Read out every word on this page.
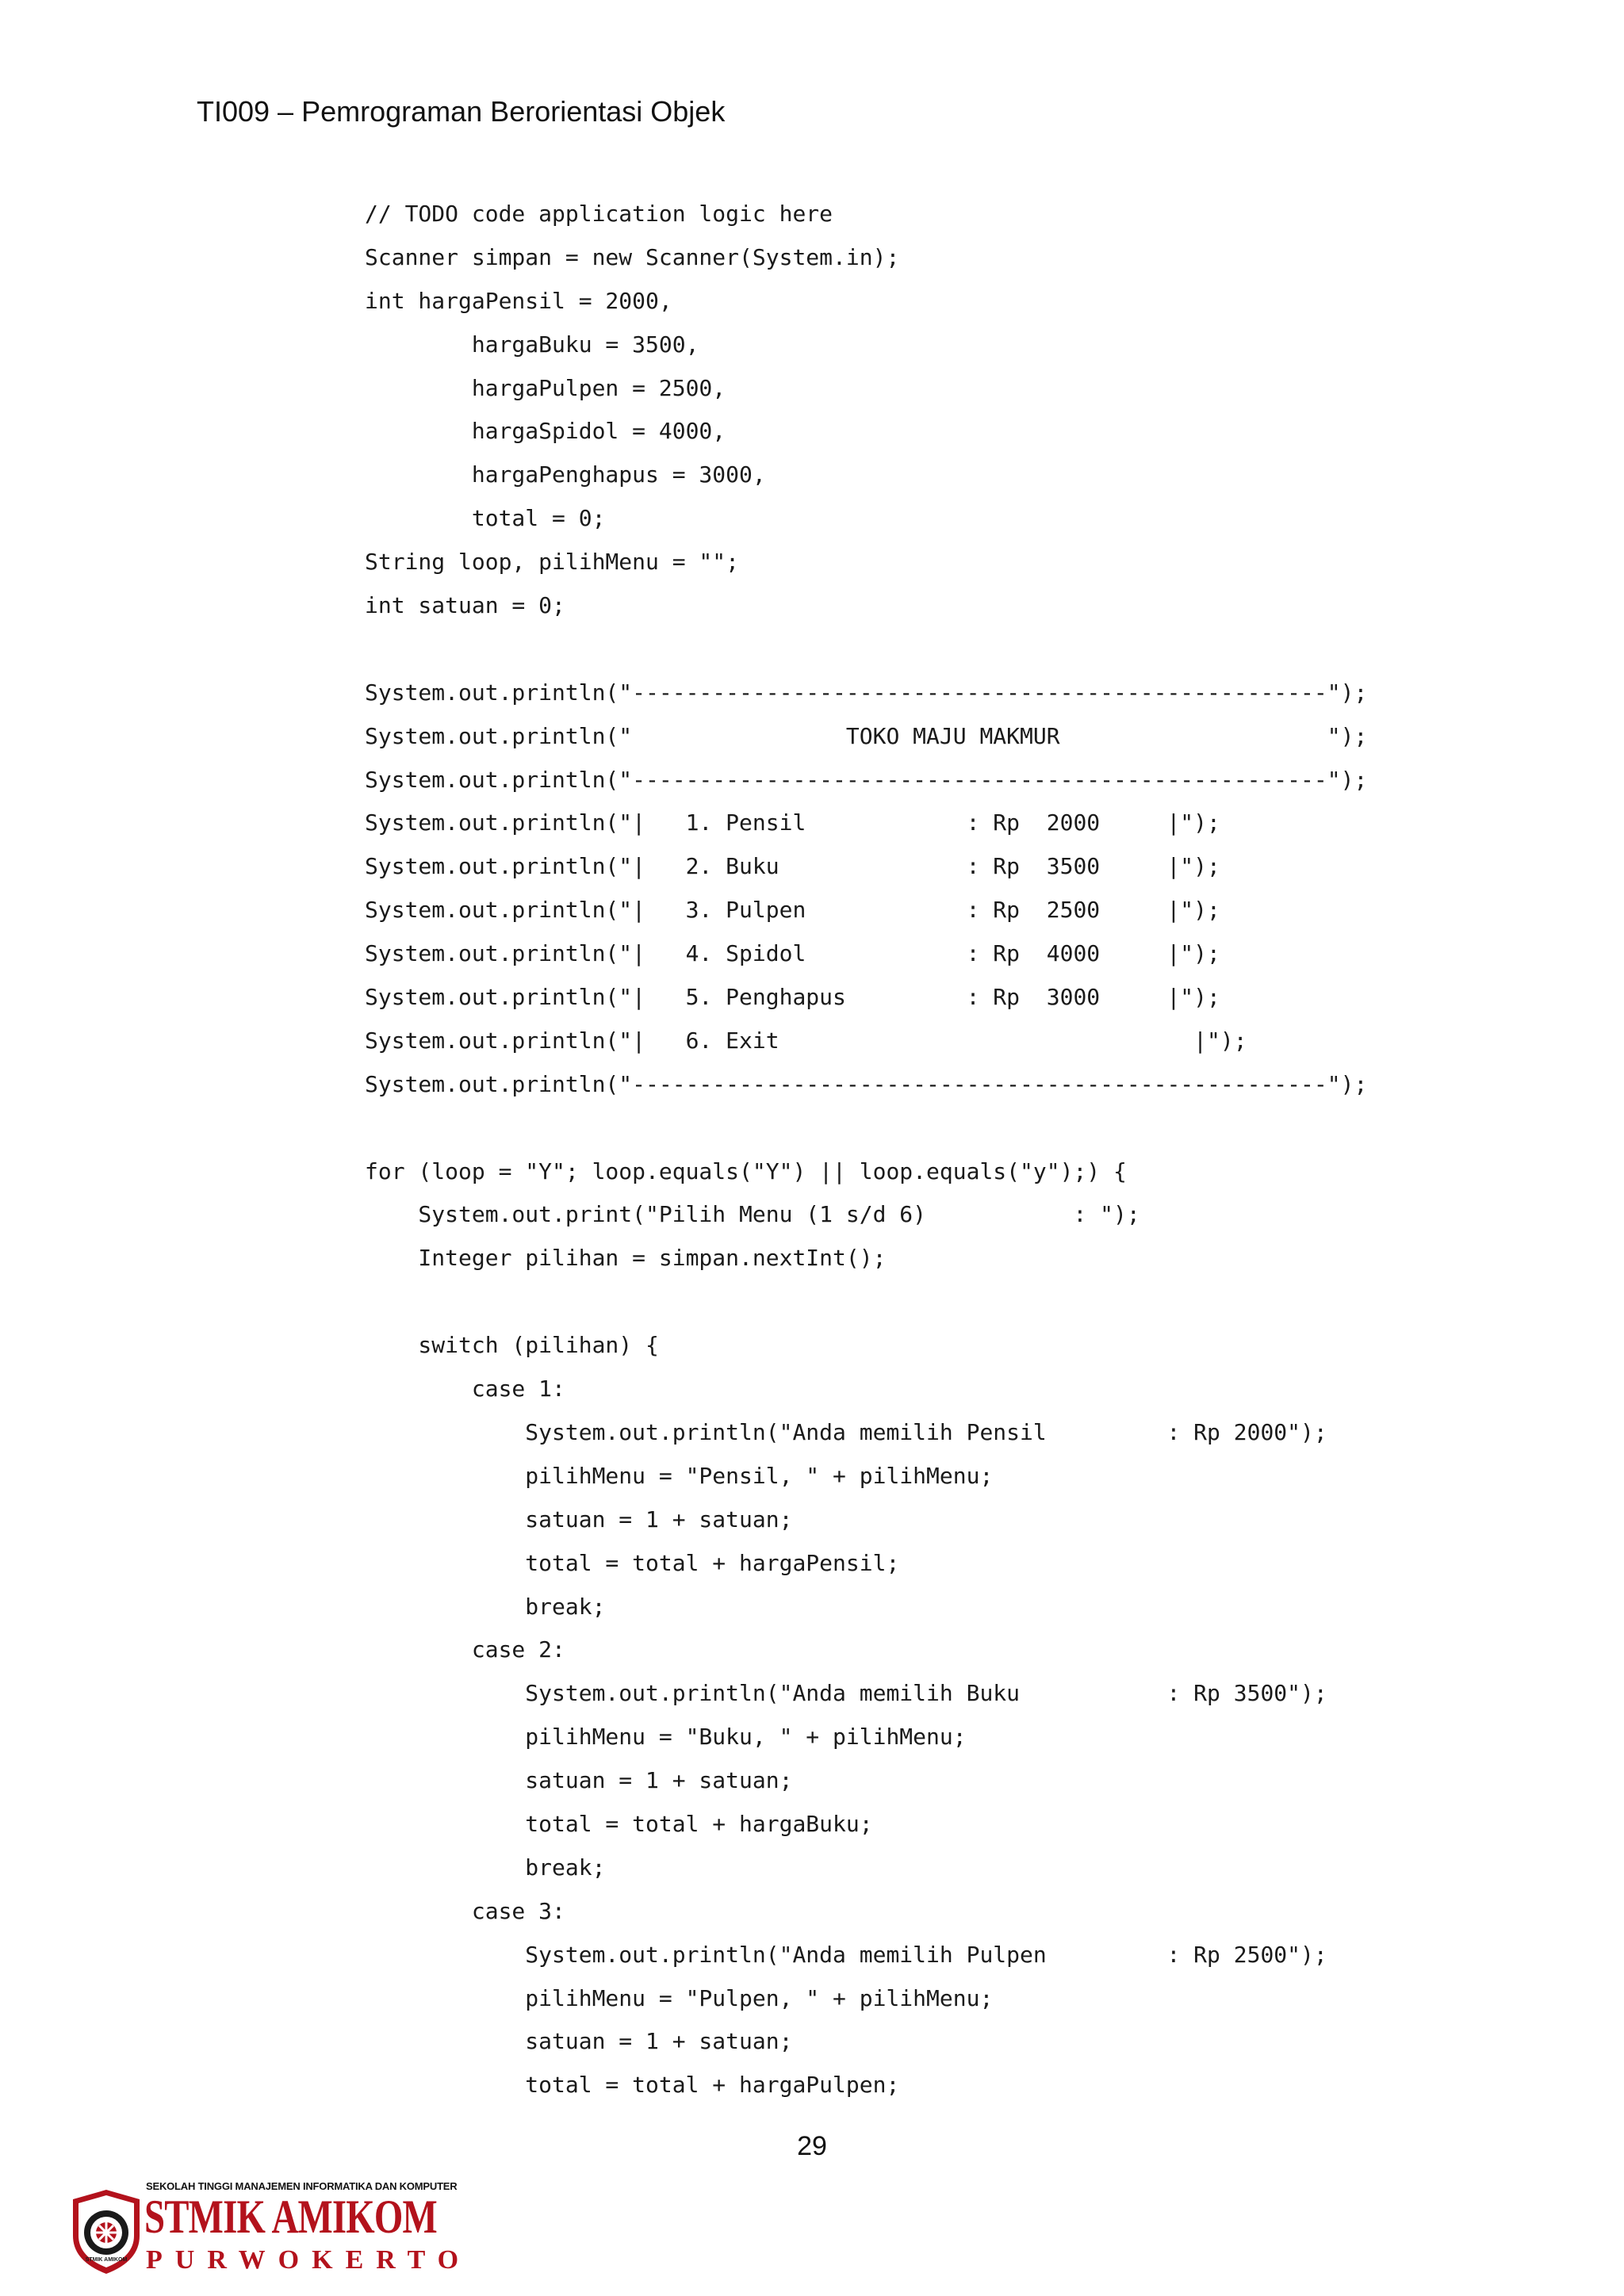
TI009 – Pemrograman Berorientasi Objek
// TODO code application logic here
Scanner simpan = new Scanner(System.in);
int hargaPensil = 2000,
hargaBuku = 3500,
hargaPulpen = 2500,
hargaSpidol = 4000,
hargaPenghapus = 3000,
total = 0;
String loop, pilihMenu = "";
int satuan = 0;

System.out.println("----------------------------------------------------");
System.out.println("                TOKO MAJU MAKMUR                    ");
System.out.println("----------------------------------------------------");
System.out.println("|   1. Pensil            : Rp  2000     |");
System.out.println("|   2. Buku              : Rp  3500     |");
System.out.println("|   3. Pulpen            : Rp  2500     |");
System.out.println("|   4. Spidol            : Rp  4000     |");
System.out.println("|   5. Penghapus         : Rp  3000     |");
System.out.println("|   6. Exit                               |");
System.out.println("----------------------------------------------------");

for (loop = "Y"; loop.equals("Y") || loop.equals("y");) {
System.out.print("Pilih Menu (1 s/d 6)           : ");
Integer pilihan = simpan.nextInt();

switch (pilihan) {
case 1:
System.out.println("Anda memilih Pensil         : Rp 2000");
pilihMenu = "Pensil, " + pilihMenu;
satuan = 1 + satuan;
total = total + hargaPensil;
break;
case 2:
System.out.println("Anda memilih Buku           : Rp 3500");
pilihMenu = "Buku, " + pilihMenu;
satuan = 1 + satuan;
total = total + hargaBuku;
break;
case 3:
System.out.println("Anda memilih Pulpen         : Rp 2500");
pilihMenu = "Pulpen, " + pilihMenu;
satuan = 1 + satuan;
total = total + hargaPulpen;
29
STMIK AMIKOM
SEKOLAH TINGGI MANAJEMEN INFORMATIKA DAN KOMPUTER
STMIK AMIKOM
PURWOKERTO
